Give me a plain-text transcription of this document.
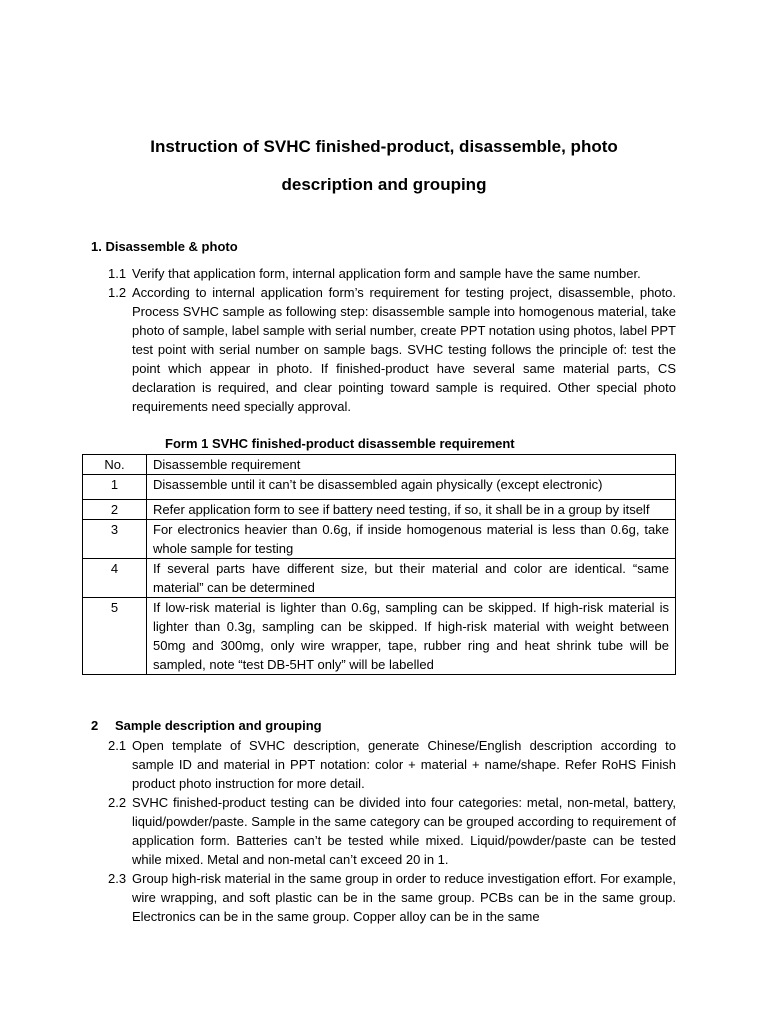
Instruction of SVHC finished-product, disassemble, photo
description and grouping
1. Disassemble & photo
1.1 Verify that application form, internal application form and sample have the same number.
1.2 According to internal application form’s requirement for testing project, disassemble, photo. Process SVHC sample as following step: disassemble sample into homogenous material, take photo of sample, label sample with serial number, create PPT notation using photos, label PPT test point with serial number on sample bags. SVHC testing follows the principle of: test the point which appear in photo. If finished-product have several same material parts, CS declaration is required, and clear pointing toward sample is required. Other special photo requirements need specially approval.
Form 1 SVHC finished-product disassemble requirement
No.	Disassemble requirement
1	Disassemble until it can’t be disassembled again physically (except electronic)
2	Refer application form to see if battery need testing, if so, it shall be in a group by itself
3	For electronics heavier than 0.6g, if inside homogenous material is less than 0.6g, take whole sample for testing
4	If several parts have different size, but their material and color are identical. “same material” can be determined
5	If low-risk material is lighter than 0.6g, sampling can be skipped. If high-risk material is lighter than 0.3g, sampling can be skipped. If high-risk material with weight between 50mg and 300mg, only wire wrapper, tape, rubber ring and heat shrink tube will be sampled, note “test DB-5HT only” will be labelled
2 Sample description and grouping
2.1 Open template of SVHC description, generate Chinese/English description according to sample ID and material in PPT notation: color + material + name/shape. Refer RoHS Finish product photo instruction for more detail.
2.2 SVHC finished-product testing can be divided into four categories: metal, non-metal, battery, liquid/powder/paste. Sample in the same category can be grouped according to requirement of application form. Batteries can’t be tested while mixed. Liquid/powder/paste can be tested while mixed. Metal and non-metal can’t exceed 20 in 1.
2.3 Group high-risk material in the same group in order to reduce investigation effort. For example, wire wrapping, and soft plastic can be in the same group. PCBs can be in the same group. Electronics can be in the same group. Copper alloy can be in the same
